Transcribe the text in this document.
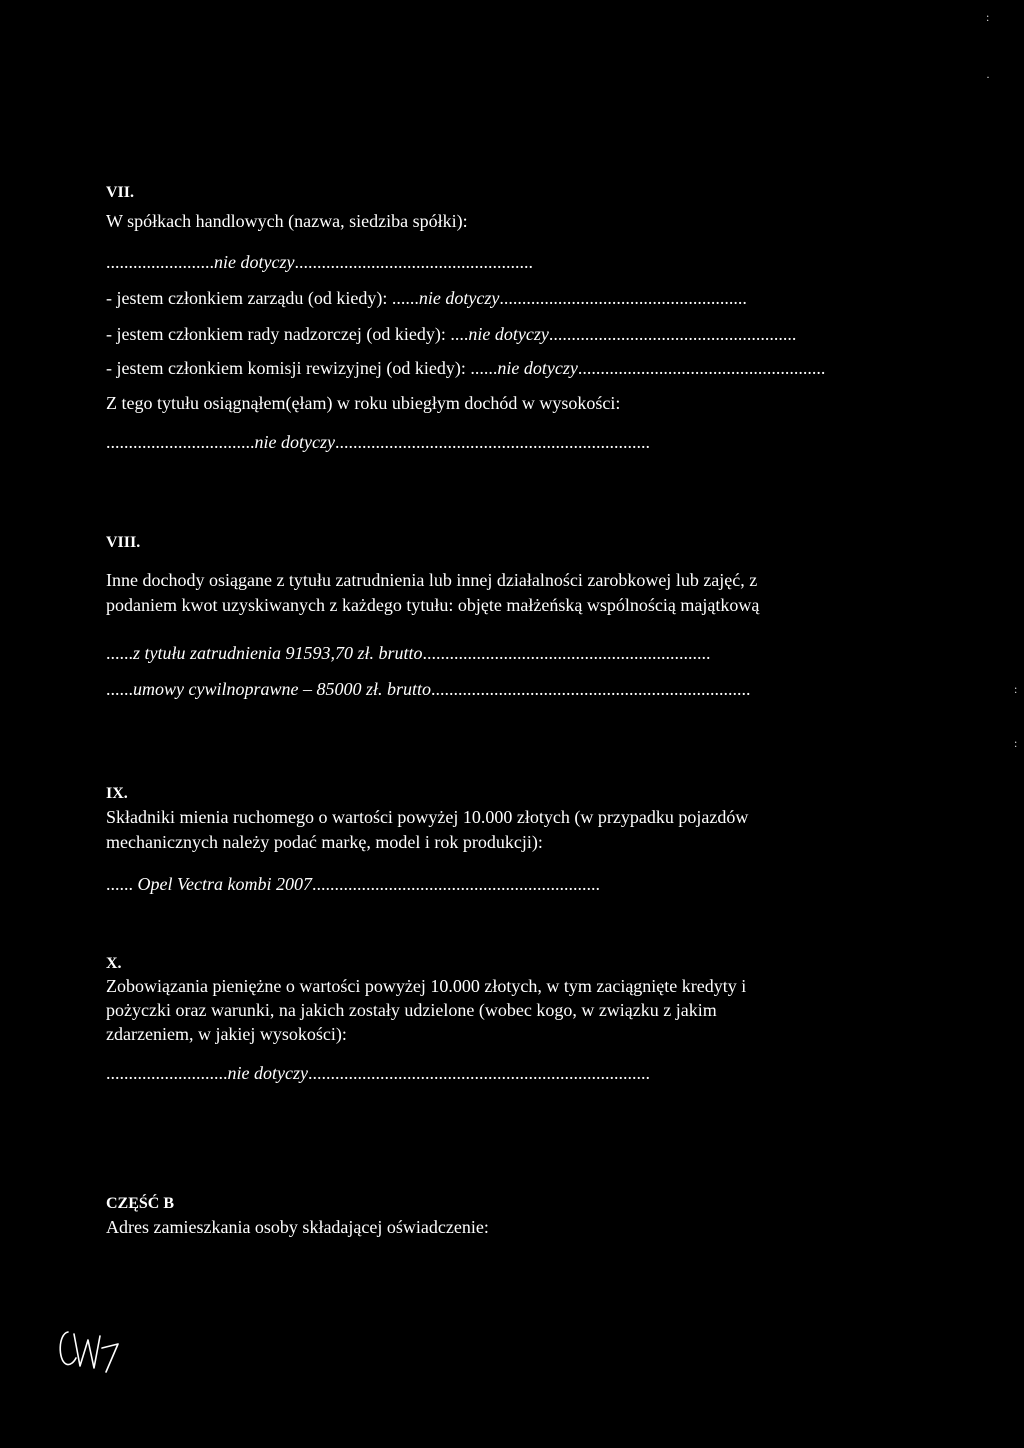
:
·
:
:
VII.
W spółkach handlowych (nazwa, siedziba spółki):
........................nie dotyczy.....................................................
- jestem członkiem zarządu (od kiedy): ......nie dotyczy.......................................................
- jestem członkiem rady nadzorczej (od kiedy): ....nie dotyczy.......................................................
- jestem członkiem komisji rewizyjnej (od kiedy): ......nie dotyczy.......................................................
Z tego tytułu osiągnąłem(ęłam) w roku ubiegłym dochód w wysokości:
.................................nie dotyczy......................................................................
VIII.
Inne dochody osiągane z tytułu zatrudnienia lub innej działalności zarobkowej lub zajęć, z
podaniem kwot uzyskiwanych z każdego tytułu: objęte małżeńską wspólnością majątkową
......z tytułu zatrudnienia 91593,70 zł. brutto................................................................
......umowy cywilnoprawne – 85000 zł. brutto.......................................................................
IX.
Składniki mienia ruchomego o wartości powyżej 10.000 złotych (w przypadku pojazdów
mechanicznych należy podać markę, model i rok produkcji):
...... Opel Vectra kombi 2007................................................................
X.
Zobowiązania pieniężne o wartości powyżej 10.000 złotych, w tym zaciągnięte kredyty i
pożyczki oraz warunki, na jakich zostały udzielone (wobec kogo, w związku z jakim
zdarzeniem, w jakiej wysokości):
...........................nie dotyczy............................................................................
CZĘŚĆ B
Adres zamieszkania osoby składającej oświadczenie:
